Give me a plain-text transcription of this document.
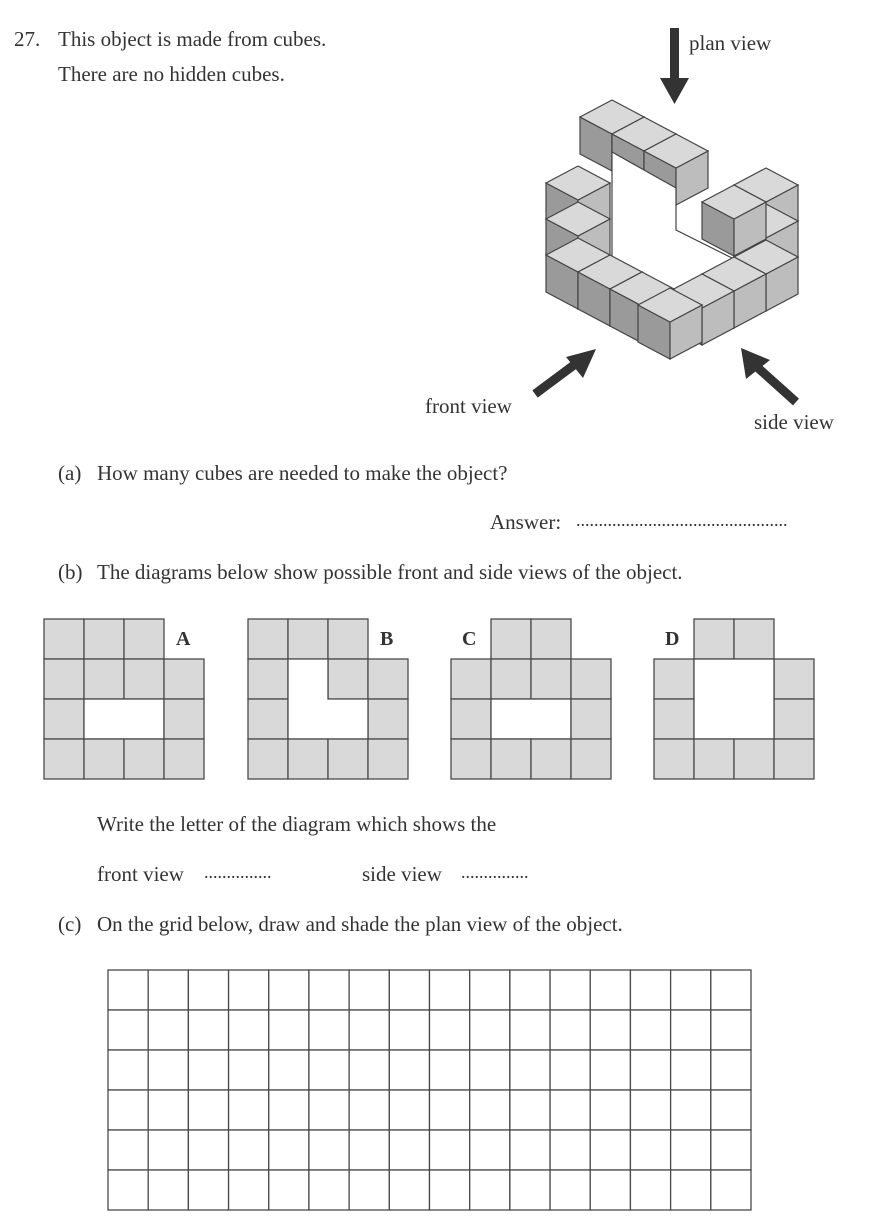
27. This object is made from cubes.
There are no hidden cubes.
plan view
front view
side view
(a) How many cubes are needed to make the object?
Answer: ...............................................
(b) The diagrams below show possible front and side views of the object.
A	B	C	D
Write the letter of the diagram which shows the
front view ...............	side view ...............
(c) On the grid below, draw and shade the plan view of the object.
